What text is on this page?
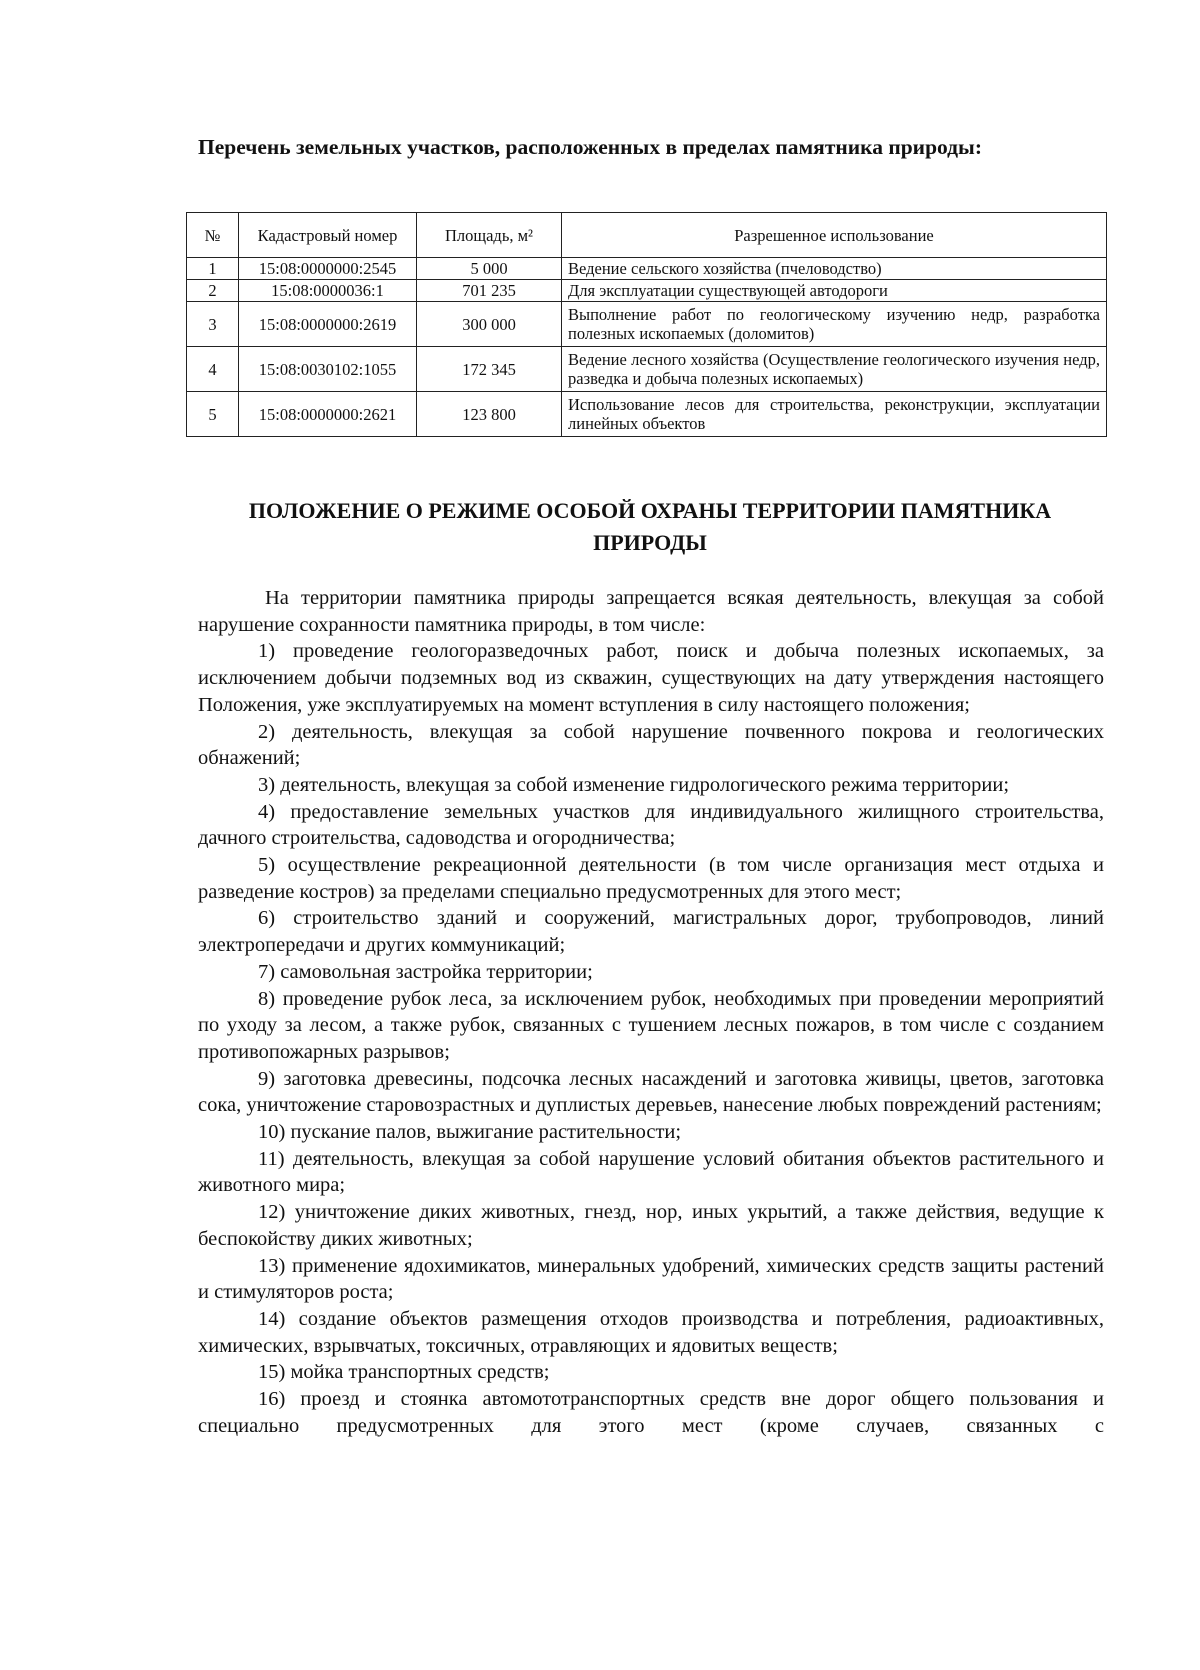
Перечень земельных участков, расположенных в пределах памятника природы:
№	Кадастровый номер	Площадь, м²	Разрешенное использование
1	15:08:0000000:2545	5 000	Ведение сельского хозяйства (пчеловодство)
2	15:08:0000036:1	701 235	Для эксплуатации существующей автодороги
3	15:08:0000000:2619	300 000	Выполнение работ по геологическому изучению недр, разработка полезных ископаемых (доломитов)
4	15:08:0030102:1055	172 345	Ведение лесного хозяйства (Осуществление геологического изучения недр, разведка и добыча полезных ископаемых)
5	15:08:0000000:2621	123 800	Использование лесов для строительства, реконструкции, эксплуатации линейных объектов
ПОЛОЖЕНИЕ О РЕЖИМЕ ОСОБОЙ ОХРАНЫ ТЕРРИТОРИИ ПАМЯТНИКА ПРИРОДЫ

На территории памятника природы запрещается всякая деятельность, влекущая за собой нарушение сохранности памятника природы, в том числе:

1) проведение геологоразведочных работ, поиск и добыча полезных ископаемых, за исключением добычи подземных вод из скважин, существующих на дату утверждения настоящего Положения, уже эксплуатируемых на момент вступления в силу настоящего положения;

2) деятельность, влекущая за собой нарушение почвенного покрова и геологических обнажений;

3) деятельность, влекущая за собой изменение гидрологического режима территории;

4) предоставление земельных участков для индивидуального жилищного строительства, дачного строительства, садоводства и огородничества;

5) осуществление рекреационной деятельности (в том числе организация мест отдыха и разведение костров) за пределами специально предусмотренных для этого мест;

6) строительство зданий и сооружений, магистральных дорог, трубопроводов, линий электропередачи и других коммуникаций;

7) самовольная застройка территории;

8) проведение рубок леса, за исключением рубок, необходимых при проведении мероприятий по уходу за лесом, а также рубок, связанных с тушением лесных пожаров, в том числе с созданием противопожарных разрывов;

9) заготовка древесины, подсочка лесных насаждений и заготовка живицы, цветов, заготовка сока, уничтожение старовозрастных и дуплистых деревьев, нанесение любых повреждений растениям;

10) пускание палов, выжигание растительности;

11) деятельность, влекущая за собой нарушение условий обитания объектов растительного и животного мира;

12) уничтожение диких животных, гнезд, нор, иных укрытий, а также действия, ведущие к беспокойству диких животных;

13) применение ядохимикатов, минеральных удобрений, химических средств защиты растений и стимуляторов роста;

14) создание объектов размещения отходов производства и потребления, радиоактивных, химических, взрывчатых, токсичных, отравляющих и ядовитых веществ;

15) мойка транспортных средств;

16) проезд и стоянка автомототранспортных средств вне дорог общего пользования и специально предусмотренных для этого мест (кроме случаев, связанных с
